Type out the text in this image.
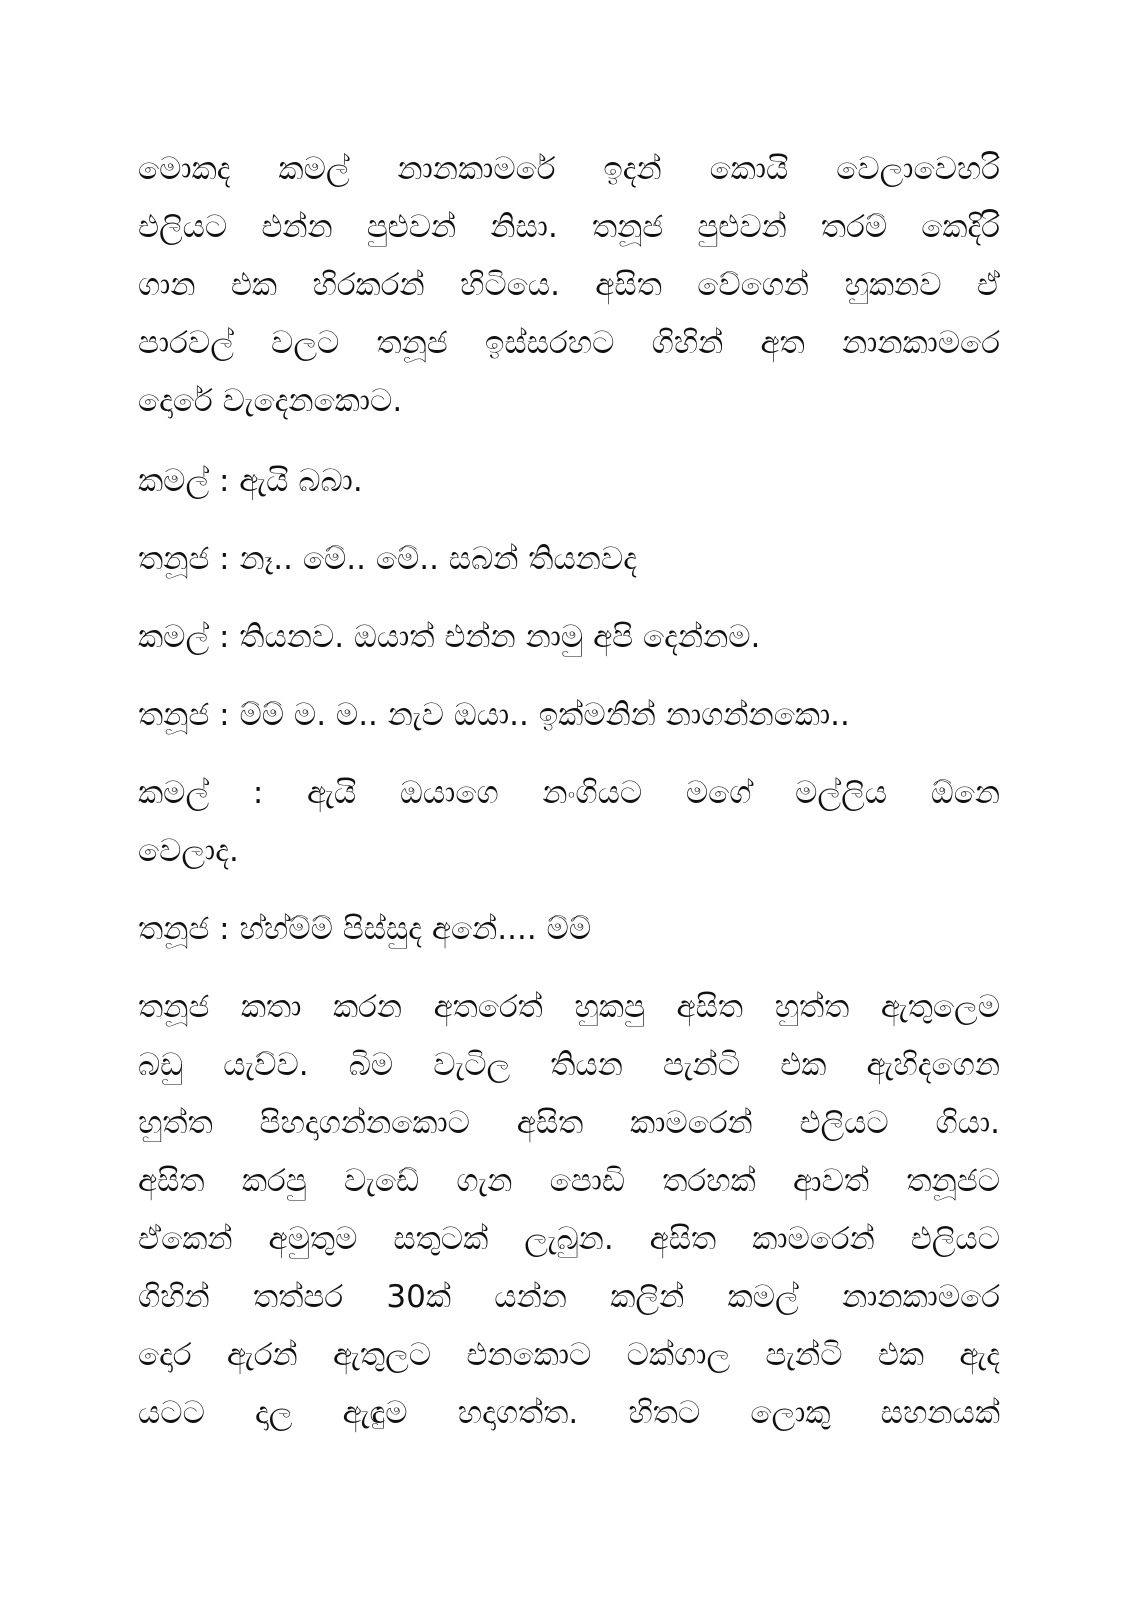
මොකද කමල් නානකාමරේ ඉදන් කොයි වෙලාවෙහරි
එලියට එන්න පුළුවන් නිසා. තනූජ පුළුවන් තරම් කෙදිරි
ගාන එක හිරකරන් හිටියෙ. අසිත වේගෙන් හුකනව ඒ
පාරවල් වලට තනූජ ඉස්සරහට ගිහින් අත නානකාමරෙ
දොරේ වැදෙනකොට.
කමල් : ඇයි බබා.
තනූජ : නෑ.. මේ.. මේ.. සබන් තියනවද
කමල් : තියනව. ඔයාත් එන්න නාමු අපි දෙන්නම.
තනූජ : ම්ම් ම. ම.. නැව ඔයා.. ඉක්මනින් නාගන්නකො..
කමල් : ඇයි ඔයාගෙ නංගියට මගේ මල්ලිය ඕනෙ
වෙලාද.
තනූජ : හ්හ්ම්ම් පිස්සුද අනේ.... ම්ම්
තනූජ කතා කරන අතරෙත් හුකපු අසිත හුත්ත ඇතුලෙම
බඩු යැව්ව. බිම වැටිල තියන පැන්ටි එක ඇහිදගෙන
හුත්ත පිහදාගන්නකොට අසිත කාමරෙන් එලියට ගියා.
අසිත කරපු වැඩේ ගැන පොඩි තරහක් ආවත් තනූජට
ඒකෙන් අමුතුම සතුටක් ලැබුන. අසිත කාමරෙන් එලියට
ගිහින් තත්පර 30ක් යන්න කලින් කමල් නානකාමරෙ
දොර ඇරන් ඇතුලට එනකොට ටක්ගාල පැන්ටි එක ඇද
යටට දාල ඇඳුම හදාගත්ත. හිතට ලොකු සහනයක්
